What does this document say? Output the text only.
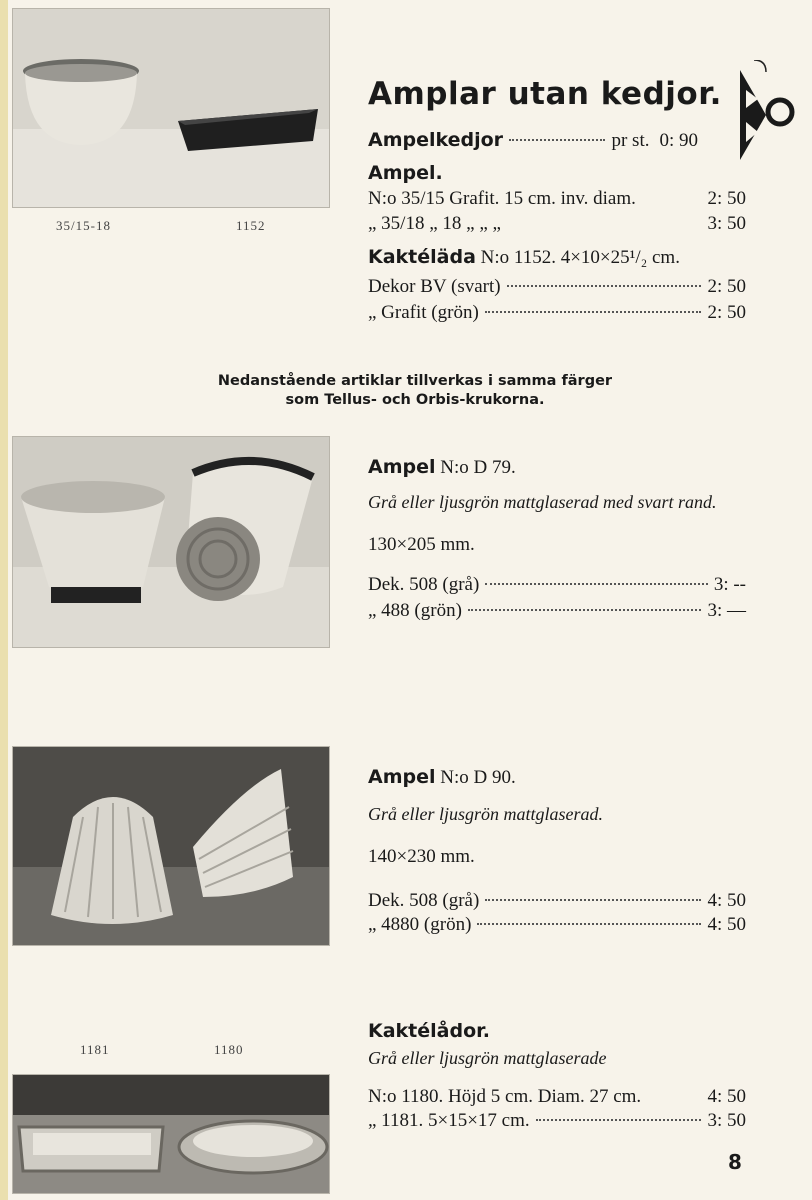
35/15-18	1152
Amplar utan kedjor.
Ampelkedjor	pr st. 0: 90
Ampel.
N:o 35/15 Grafit. 15 cm. inv. diam.	2: 50
„ 35/18 „ 18 „ „ „	3: 50
Kaktéläda N:o 1152. 4×10×25¹/₂ cm.
Dekor BV (svart)	2: 50
„ Grafit (grön)	2: 50
Nedanstående artiklar tillverkas i samma färger
som Tellus- och Orbis-krukorna.
Ampel N:o D 79.
Grå eller ljusgrön mattglaserad med svart rand.
130×205 mm.
Dek. 508 (grå)	3: --
„ 488 (grön)	3: —
Ampel N:o D 90.
Grå eller ljusgrön mattglaserad.
140×230 mm.
Dek. 508 (grå)	4: 50
„ 4880 (grön)	4: 50
1181	1180
Kaktélådor.
Grå eller ljusgrön mattglaserade
N:o 1180. Höjd 5 cm. Diam. 27 cm.	4: 50
„ 1181. 5×15×17 cm.	3: 50
8
